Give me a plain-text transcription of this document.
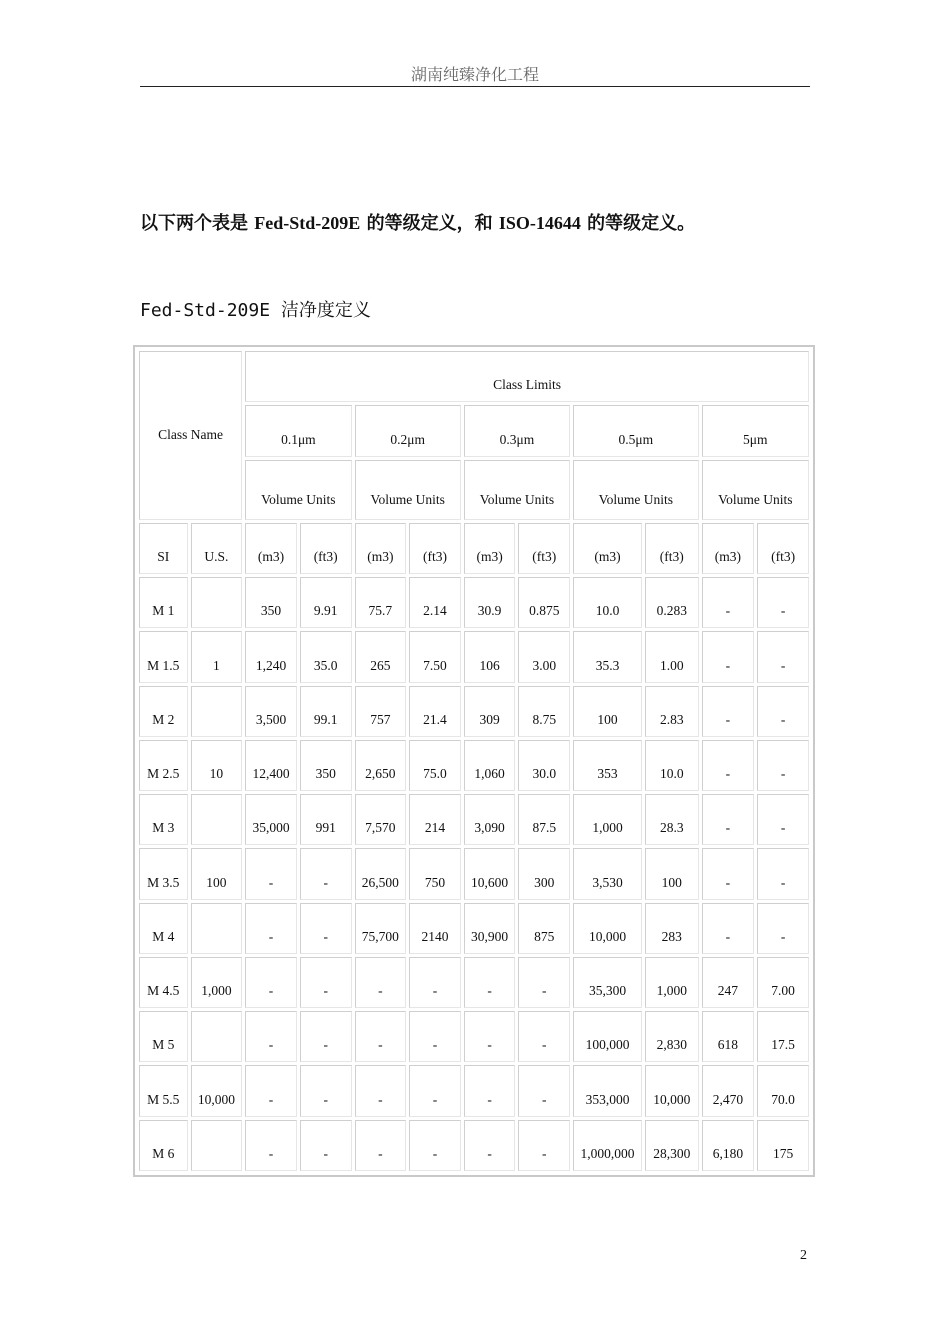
湖南纯臻净化工程
以下两个表是 Fed-Std-209E 的等级定义，和 ISO-14644 的等级定义。
Fed-Std-209E 洁净度定义
Class Name		Class Limits									
		0.1μm		0.2μm		0.3μm		0.5μm		5μm	
		Volume Units		Volume Units		Volume Units		Volume Units		Volume Units	
SI	U.S.	(m3)	(ft3)	(m3)	(ft3)	(m3)	(ft3)	(m3)	(ft3)	(m3)	(ft3)
M 1		350	9.91	75.7	2.14	30.9	0.875	10.0	0.283	-	-
M 1.5	1	1,240	35.0	265	7.50	106	3.00	35.3	1.00	-	-
M 2		3,500	99.1	757	21.4	309	8.75	100	2.83	-	-
M 2.5	10	12,400	350	2,650	75.0	1,060	30.0	353	10.0	-	-
M 3		35,000	991	7,570	214	3,090	87.5	1,000	28.3	-	-
M 3.5	100	-	-	26,500	750	10,600	300	3,530	100	-	-
M 4		-	-	75,700	2140	30,900	875	10,000	283	-	-
M 4.5	1,000	-	-	-	-	-	-	35,300	1,000	247	7.00
M 5		-	-	-	-	-	-	100,000	2,830	618	17.5
M 5.5	10,000	-	-	-	-	-	-	353,000	10,000	2,470	70.0
M 6		-	-	-	-	-	-	1,000,000	28,300	6,180	175
2
